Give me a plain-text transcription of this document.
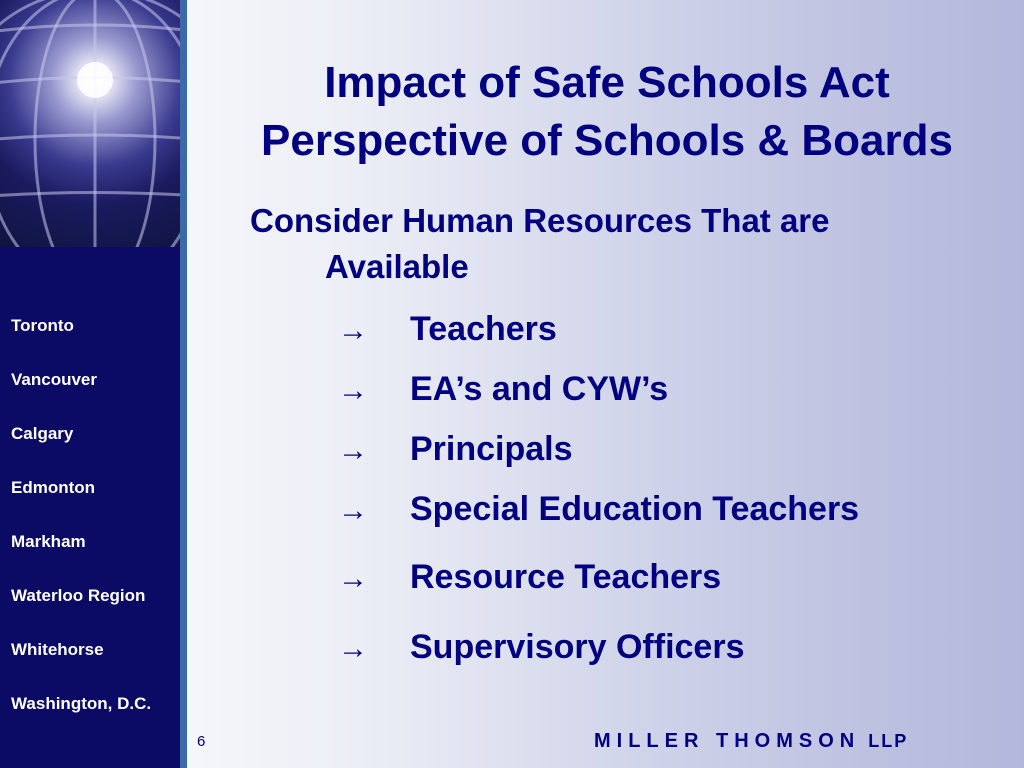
Toronto
Vancouver
Calgary
Edmonton
Markham
Waterloo Region
Whitehorse
Washington, D.C.
Impact of Safe Schools Act
Perspective of Schools & Boards
Consider Human Resources That are
Available
→ Teachers
→ EA’s and CYW’s
→ Principals
→ Special Education Teachers
→ Resource Teachers
→ Supervisory Officers
6	MILLER THOMSON LLP
